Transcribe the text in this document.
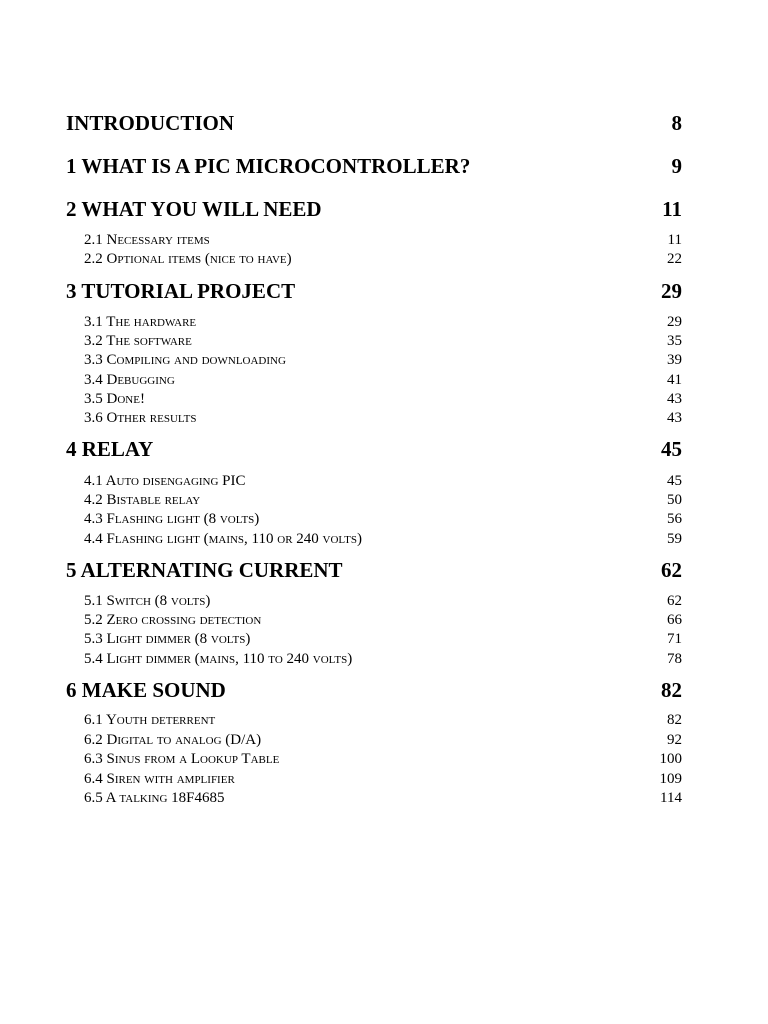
INTRODUCTION	8
1 WHAT IS A PIC MICROCONTROLLER?	9
2 WHAT YOU WILL NEED	11
2.1 Necessary items	11
2.2 Optional items (nice to have)	22
3 TUTORIAL PROJECT	29
3.1 The hardware	29
3.2 The software	35
3.3 Compiling and downloading	39
3.4 Debugging	41
3.5 Done!	43
3.6 Other results	43
4 RELAY	45
4.1 Auto disengaging PIC	45
4.2 Bistable relay	50
4.3 Flashing light (8 volts)	56
4.4 Flashing light (mains, 110 or 240 volts)	59
5 ALTERNATING CURRENT	62
5.1 Switch (8 volts)	62
5.2 Zero crossing detection	66
5.3 Light dimmer (8 volts)	71
5.4 Light dimmer (mains, 110 to 240 volts)	78
6 MAKE SOUND	82
6.1 Youth deterrent	82
6.2 Digital to analog (D/A)	92
6.3 Sinus from a Lookup Table	100
6.4 Siren with amplifier	109
6.5 A talking 18F4685	114
